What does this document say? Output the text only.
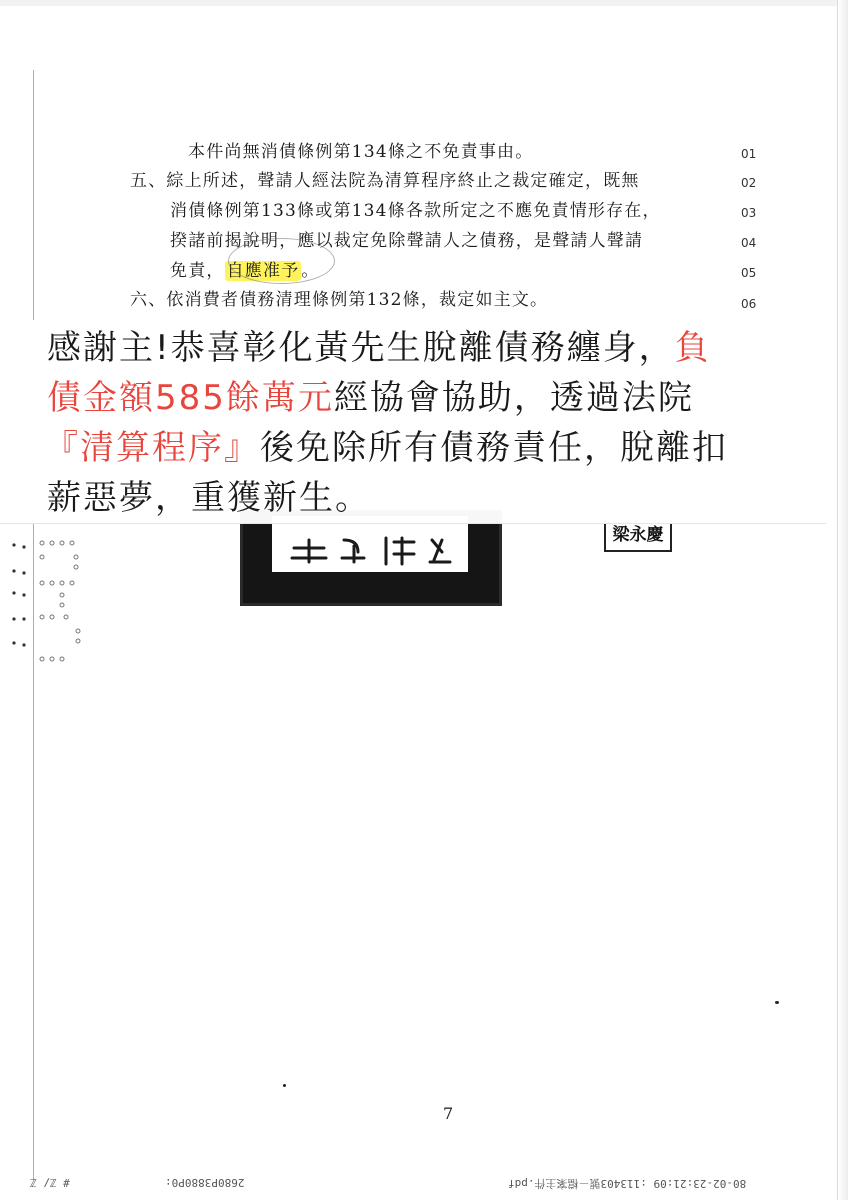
本件尚無消債條例第134條之不免責事由。	01
五、綜上所述，聲請人經法院為清算程序終止之裁定確定，既無	02
消債條例第133條或第134條各款所定之不應免責情形存在，	03
揆諸前揭說明，應以裁定免除聲請人之債務，是聲請人聲請	04
免責， 自應准予 。	05
六、依消費者債務清理條例第132條，裁定如主文。	06
梁永慶
感謝主!恭喜彰化黃先生脫離債務纏身，負
債金額585餘萬元經協會協助，透過法院
『清算程序』後免除所有債務責任，脫離扣
薪惡夢，重獲新生。
7
# ℤ/ ℤ	2680P3880P0:	80-02-23:21:09 :113403號－檔案主件.pdf
